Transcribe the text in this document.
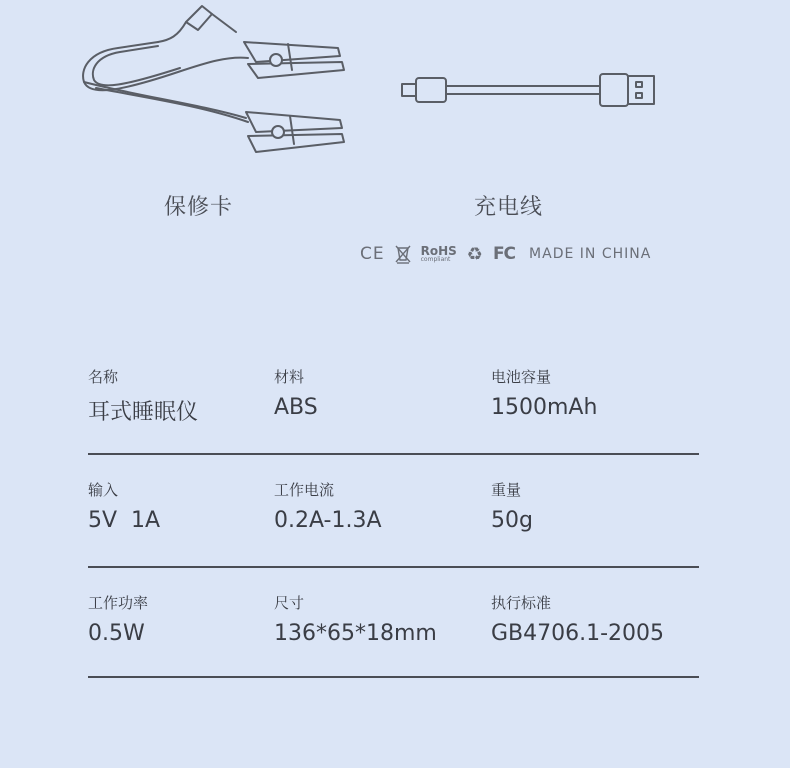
保修卡	充电线
CE	RoHS
compliant ♻ FC MADE IN CHINA
名称
耳式睡眠仪
材料
ABS
电池容量
1500mAh
输入
5V  1A
工作电流
0.2A-1.3A
重量
50g
工作功率
0.5W
尺寸
136*65*18mm
执行标准
GB4706.1-2005
